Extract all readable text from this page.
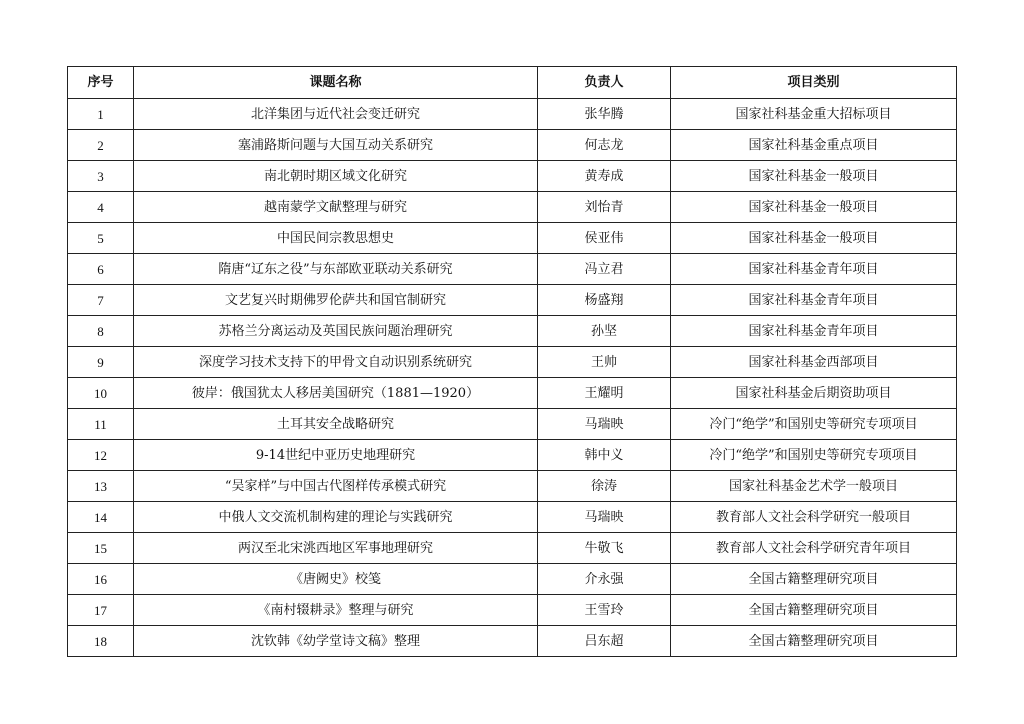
序号	课题名称	负责人	项目类别
1	北洋集团与近代社会变迁研究	张华腾	国家社科基金重大招标项目
2	塞浦路斯问题与大国互动关系研究	何志龙	国家社科基金重点项目
3	南北朝时期区域文化研究	黄寿成	国家社科基金一般项目
4	越南蒙学文献整理与研究	刘怡青	国家社科基金一般项目
5	中国民间宗教思想史	侯亚伟	国家社科基金一般项目
6	隋唐“辽东之役”与东部欧亚联动关系研究	冯立君	国家社科基金青年项目
7	文艺复兴时期佛罗伦萨共和国官制研究	杨盛翔	国家社科基金青年项目
8	苏格兰分离运动及英国民族问题治理研究	孙坚	国家社科基金青年项目
9	深度学习技术支持下的甲骨文自动识别系统研究	王帅	国家社科基金西部项目
10	彼岸：俄国犹太人移居美国研究（1881—1920）	王耀明	国家社科基金后期资助项目
11	土耳其安全战略研究	马瑞映	冷门“绝学”和国别史等研究专项项目
12	9-14世纪中亚历史地理研究	韩中义	冷门“绝学”和国别史等研究专项项目
13	“吴家样”与中国古代图样传承模式研究	徐涛	国家社科基金艺术学一般项目
14	中俄人文交流机制构建的理论与实践研究	马瑞映	教育部人文社会科学研究一般项目
15	两汉至北宋洮西地区军事地理研究	牛敬飞	教育部人文社会科学研究青年项目
16	《唐阙史》校笺	介永强	全国古籍整理研究项目
17	《南村辍耕录》整理与研究	王雪玲	全国古籍整理研究项目
18	沈钦韩《幼学堂诗文稿》整理	吕东超	全国古籍整理研究项目
